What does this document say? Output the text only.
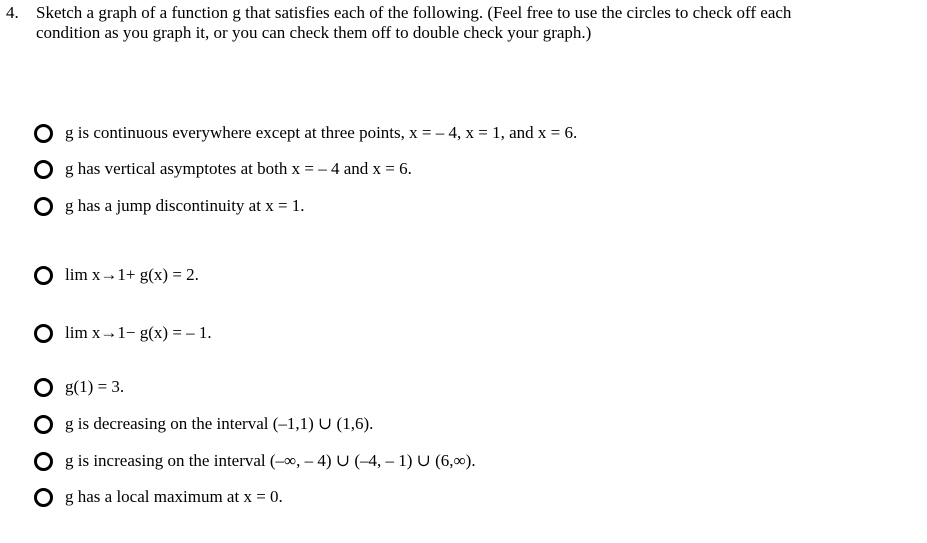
4. Sketch a graph of a function g that satisfies each of the following. (Feel free to use the circles to check off each
condition as you graph it, or you can check them off to double check your graph.)
g is continuous everywhere except at three points, x = – 4, x = 1, and x = 6.
g has vertical asymptotes at both x = – 4 and x = 6.
g has a jump discontinuity at x = 1.
lim x→1+ g(x) = 2.
lim x→1− g(x) = – 1.
g(1) = 3.
g is decreasing on the interval (–1,1) ∪ (1,6).
g is increasing on the interval (–∞, – 4) ∪ (–4, – 1) ∪ (6,∞).
g has a local maximum at x = 0.
